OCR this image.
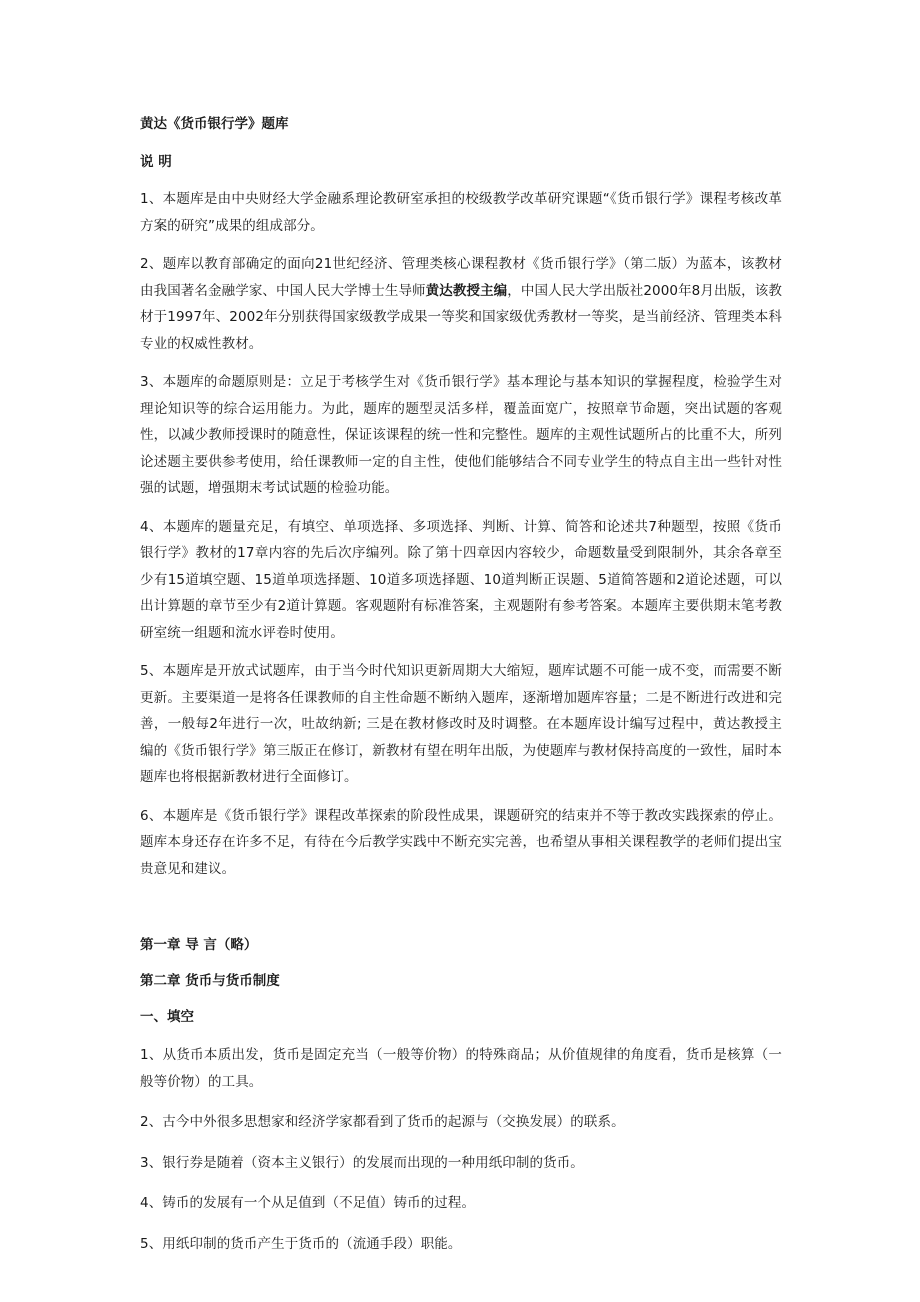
黄达《货币银行学》题库

说 明

1、本题库是由中央财经大学金融系理论教研室承担的校级教学改革研究课题“《货币银行学》课程考核改革方案的研究”成果的组成部分。

2、题库以教育部确定的面向21世纪经济、管理类核心课程教材《货币银行学》（第二版）为蓝本，该教材由我国著名金融学家、中国人民大学博士生导师黄达教授主编，中国人民大学出版社2000年8月出版，该教材于1997年、2002年分别获得国家级教学成果一等奖和国家级优秀教材一等奖，是当前经济、管理类本科专业的权威性教材。

3、本题库的命题原则是：立足于考核学生对《货币银行学》基本理论与基本知识的掌握程度，检验学生对理论知识等的综合运用能力。为此，题库的题型灵活多样，覆盖面宽广，按照章节命题，突出试题的客观性，以减少教师授课时的随意性，保证该课程的统一性和完整性。题库的主观性试题所占的比重不大，所列论述题主要供参考使用，给任课教师一定的自主性，使他们能够结合不同专业学生的特点自主出一些针对性强的试题，增强期末考试试题的检验功能。

4、本题库的题量充足，有填空、单项选择、多项选择、判断、计算、简答和论述共7种题型，按照《货币银行学》教材的17章内容的先后次序编列。除了第十四章因内容较少，命题数量受到限制外，其余各章至少有15道填空题、15道单项选择题、10道多项选择题、10道判断正误题、5道简答题和2道论述题，可以出计算题的章节至少有2道计算题。客观题附有标准答案，主观题附有参考答案。本题库主要供期末笔考教研室统一组题和流水评卷时使用。

5、本题库是开放式试题库，由于当今时代知识更新周期大大缩短，题库试题不可能一成不变，而需要不断更新。主要渠道一是将各任课教师的自主性命题不断纳入题库，逐渐增加题库容量；二是不断进行改进和完善，一般每2年进行一次，吐故纳新; 三是在教材修改时及时调整。在本题库设计编写过程中，黄达教授主编的《货币银行学》第三版正在修订，新教材有望在明年出版，为使题库与教材保持高度的一致性，届时本题库也将根据新教材进行全面修订。

6、本题库是《货币银行学》课程改革探索的阶段性成果，课题研究的结束并不等于教改实践探索的停止。题库本身还存在许多不足，有待在今后教学实践中不断充实完善，也希望从事相关课程教学的老师们提出宝贵意见和建议。

第一章 导 言（略）

第二章 货币与货币制度

一、填空

1、从货币本质出发，货币是固定充当（一般等价物）的特殊商品；从价值规律的角度看，货币是核算（一般等价物）的工具。

2、古今中外很多思想家和经济学家都看到了货币的起源与（交换发展）的联系。

3、银行券是随着（资本主义银行）的发展而出现的一种用纸印制的货币。

4、铸币的发展有一个从足值到（不足值）铸币的过程。

5、用纸印制的货币产生于货币的（流通手段）职能。
